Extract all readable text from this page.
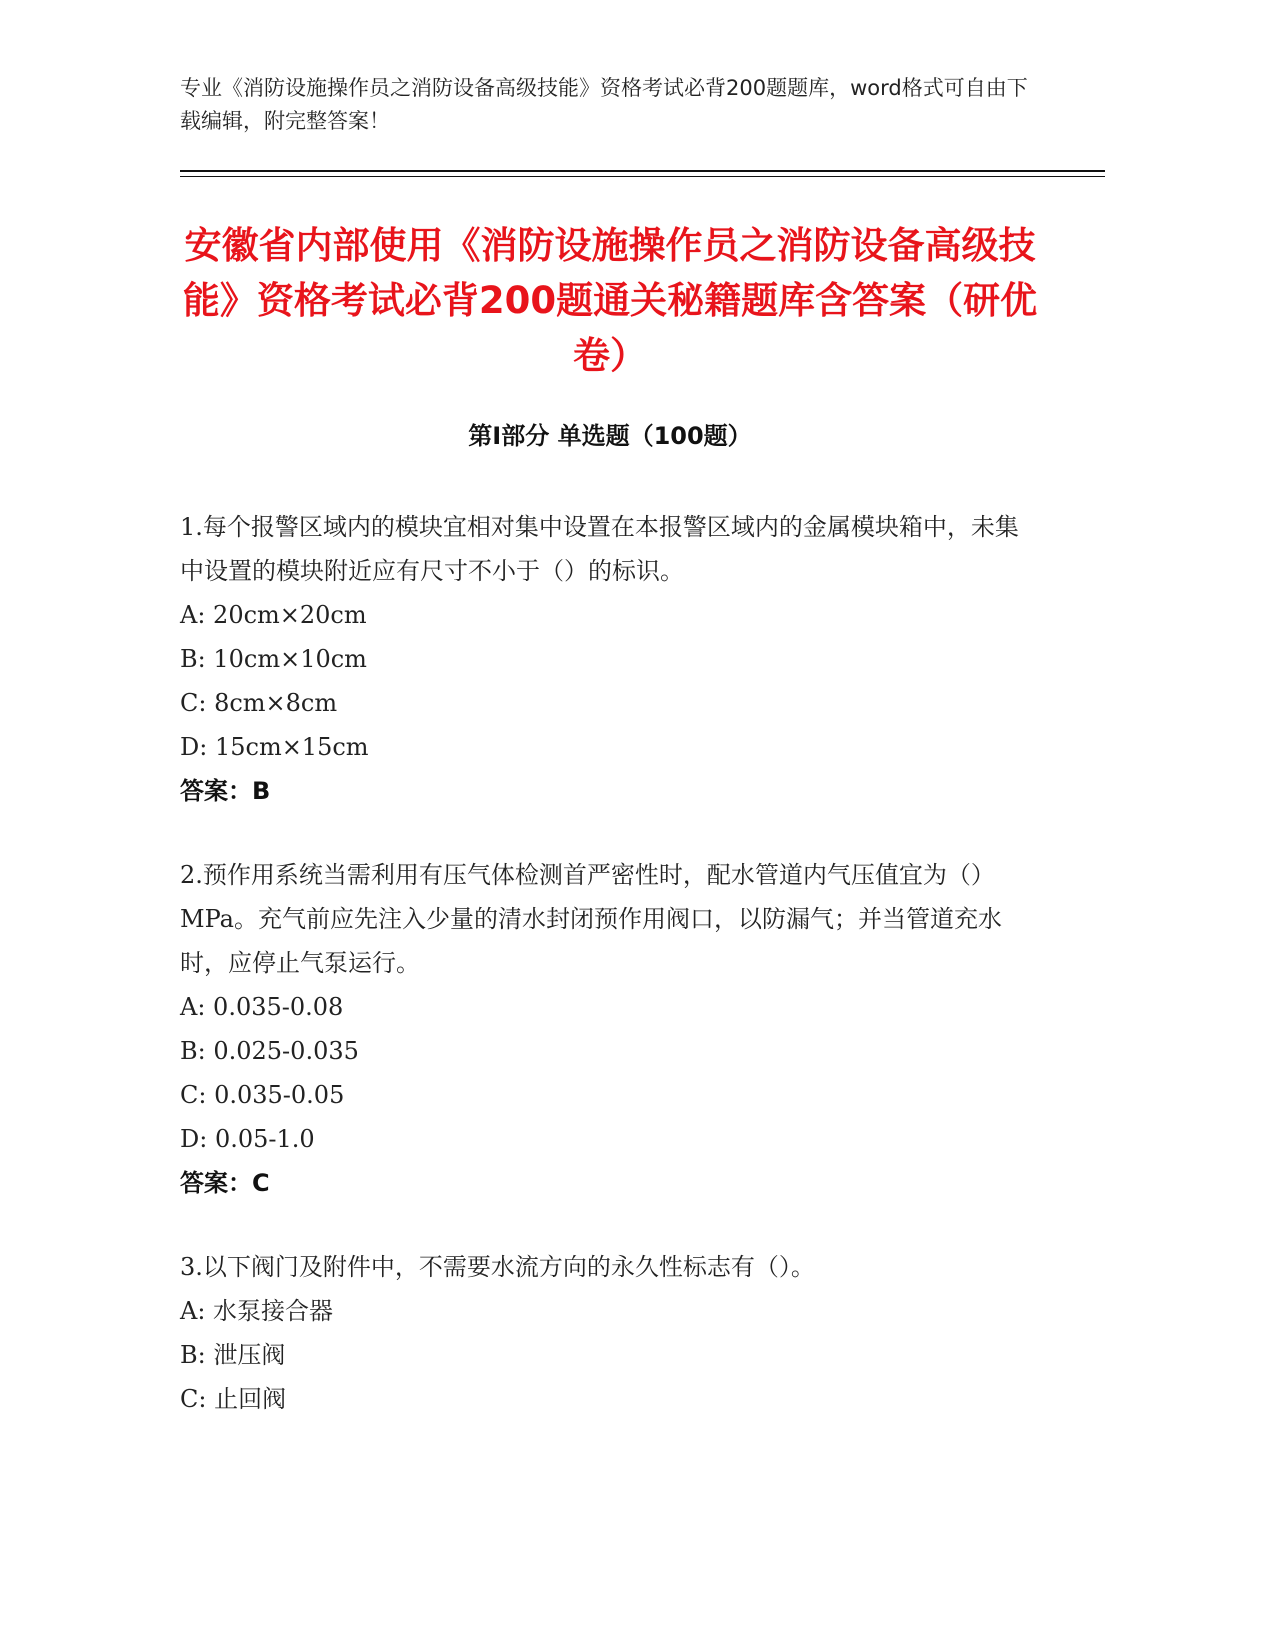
专业《消防设施操作员之消防设备高级技能》资格考试必背200题题库，word格式可自由下载编辑，附完整答案！
安徽省内部使用《消防设施操作员之消防设备高级技能》资格考试必背200题通关秘籍题库含答案（研优卷）
第Ⅰ部分 单选题（100题）
1.每个报警区域内的模块宜相对集中设置在本报警区域内的金属模块箱中，未集中设置的模块附近应有尺寸不小于（）的标识。
A: 20cm×20cm
B: 10cm×10cm
C: 8cm×8cm
D: 15cm×15cm
答案：B
2.预作用系统当需利用有压气体检测首严密性时，配水管道内气压值宜为（）MPa。充气前应先注入少量的清水封闭预作用阀口，以防漏气；并当管道充水时，应停止气泵运行。
A: 0.035-0.08
B: 0.025-0.035
C: 0.035-0.05
D: 0.05-1.0
答案：C
3.以下阀门及附件中，不需要水流方向的永久性标志有（）。
A: 水泵接合器
B: 泄压阀
C: 止回阀
